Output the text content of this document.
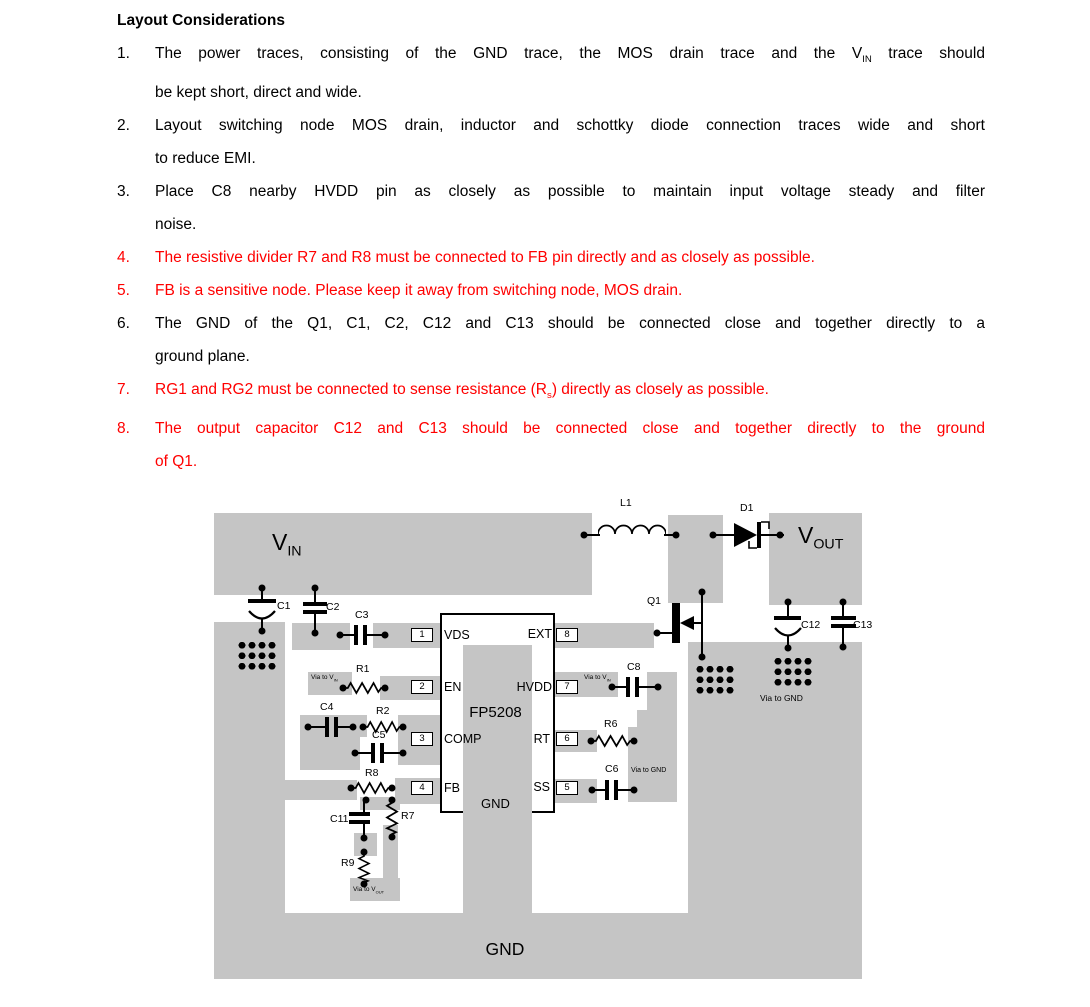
Layout Considerations
1. The power traces, consisting of the GND trace, the MOS drain trace and the $V_{IN}$ trace should
be kept short, direct and wide.
2. Layout switching node MOS drain, inductor and schottky diode connection traces wide and short
to reduce EMI.
3. Place C8 nearby HVDD pin as closely as possible to maintain input voltage steady and filter
noise.
4. The resistive divider R7 and R8 must be connected to FB pin directly and as closely as possible.
5. FB is a sensitive node. Please keep it away from switching node, MOS drain.
6. The GND of the Q1, C1, C2, C12 and C13 should be connected close and together directly to a
ground plane.
7. RG1 and RG2 must be connected to sense resistance $(R_s)$ directly as closely as possible.
8. The output capacitor C12 and C13 should be connected close and together directly to the ground
of Q1.
VDS
EN
COMP
FB
EXT
HVDD
RT
SS
FP5208
GND
1
2
3
4
8
7
6
5
$V_{IN}$
$V_{OUT}$
GND
L1	D1
Q1
C1	C2
C3
C4
R1
R2
C5
R8
C11	R7
R9
C8
R6
C6
C12	C13
Via to $V_{IN}$	Via to $V_{IN}$
Via to $V_{OUT}$
Via to GND
Via to GND
